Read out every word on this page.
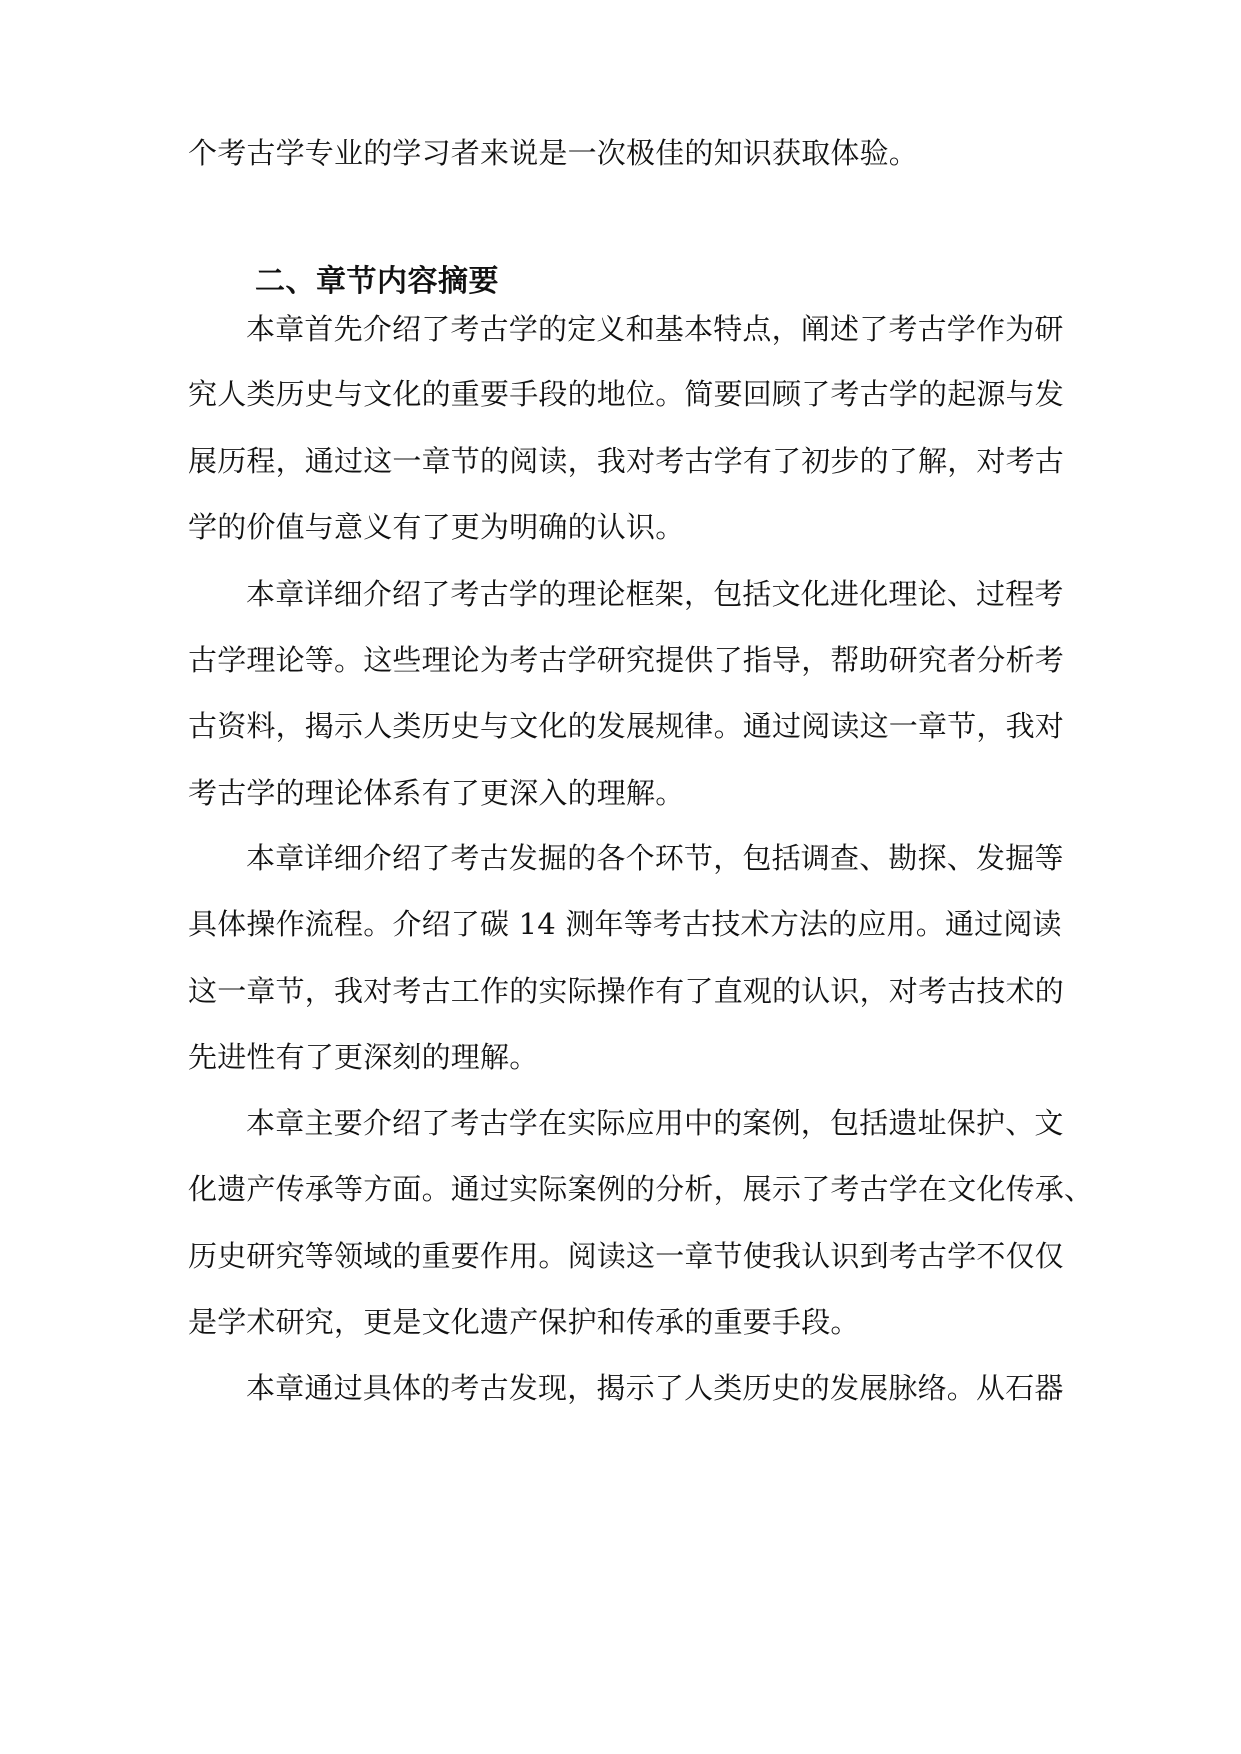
个考古学专业的学习者来说是一次极佳的知识获取体验。
二、章节内容摘要
本章首先介绍了考古学的定义和基本特点，阐述了考古学作为研
究人类历史与文化的重要手段的地位。简要回顾了考古学的起源与发
展历程，通过这一章节的阅读，我对考古学有了初步的了解，对考古
学的价值与意义有了更为明确的认识。
本章详细介绍了考古学的理论框架，包括文化进化理论、过程考
古学理论等。这些理论为考古学研究提供了指导，帮助研究者分析考
古资料，揭示人类历史与文化的发展规律。通过阅读这一章节，我对
考古学的理论体系有了更深入的理解。
本章详细介绍了考古发掘的各个环节，包括调查、勘探、发掘等
具体操作流程。介绍了碳 14 测年等考古技术方法的应用。通过阅读
这一章节，我对考古工作的实际操作有了直观的认识，对考古技术的
先进性有了更深刻的理解。
本章主要介绍了考古学在实际应用中的案例，包括遗址保护、文
化遗产传承等方面。通过实际案例的分析，展示了考古学在文化传承、
历史研究等领域的重要作用。阅读这一章节使我认识到考古学不仅仅
是学术研究，更是文化遗产保护和传承的重要手段。
本章通过具体的考古发现，揭示了人类历史的发展脉络。从石器
